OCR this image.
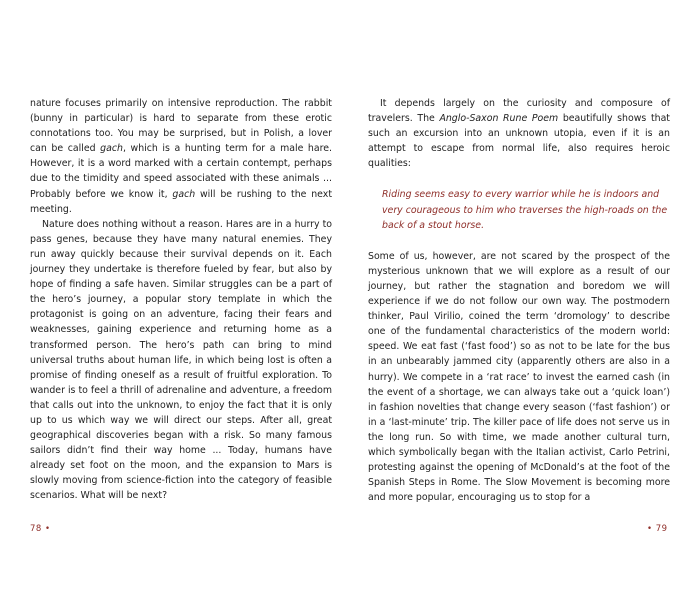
nature focuses primarily on intensive reproduction. The rabbit (bunny in particular) is hard to separate from these erotic connotations too. You may be surprised, but in Polish, a lover can be called gach, which is a hunting term for a male hare. However, it is a word marked with a certain contempt, perhaps due to the timidity and speed associated with these animals ... Probably before we know it, gach will be rushing to the next meeting.

Nature does nothing without a reason. Hares are in a hurry to pass genes, because they have many natural enemies. They run away quickly because their survival depends on it. Each journey they undertake is therefore fueled by fear, but also by hope of finding a safe haven. Similar struggles can be a part of the hero’s journey, a popular story template in which the protagonist is going on an adventure, facing their fears and weaknesses, gaining experience and returning home as a transformed person. The hero’s path can bring to mind universal truths about human life, in which being lost is often a promise of finding oneself as a result of fruitful exploration. To wander is to feel a thrill of adrenaline and adventure, a freedom that calls out into the unknown, to enjoy the fact that it is only up to us which way we will direct our steps. After all, great geographical discoveries began with a risk. So many famous sailors didn’t find their way home ... Today, humans have already set foot on the moon, and the expansion to Mars is slowly moving from science-fiction into the category of feasible scenarios. What will be next?

It depends largely on the curiosity and composure of travelers. The Anglo-Saxon Rune Poem beautifully shows that such an excursion into an unknown utopia, even if it is an attempt to escape from normal life, also requires heroic qualities:

Riding seems easy to every warrior while he is indoors and very courageous to him who traverses the high-roads on the back of a stout horse.

Some of us, however, are not scared by the prospect of the mysterious unknown that we will explore as a result of our journey, but rather the stagnation and boredom we will experience if we do not follow our own way. The postmodern thinker, Paul Virilio, coined the term ‘dromology’ to describe one of the fundamental characteristics of the modern world: speed. We eat fast (‘fast food’) so as not to be late for the bus in an unbearably jammed city (apparently others are also in a hurry). We compete in a ‘rat race’ to invest the earned cash (in the event of a shortage, we can always take out a ‘quick loan’) in fashion novelties that change every season (‘fast fashion’) or in a ‘last-minute’ trip. The killer pace of life does not serve us in the long run. So with time, we made another cultural turn, which symbolically began with the Italian activist, Carlo Petrini, protesting against the opening of McDonald’s at the foot of the Spanish Steps in Rome. The Slow Movement is becoming more and more popular, encouraging us to stop for a

78 •	• 79
